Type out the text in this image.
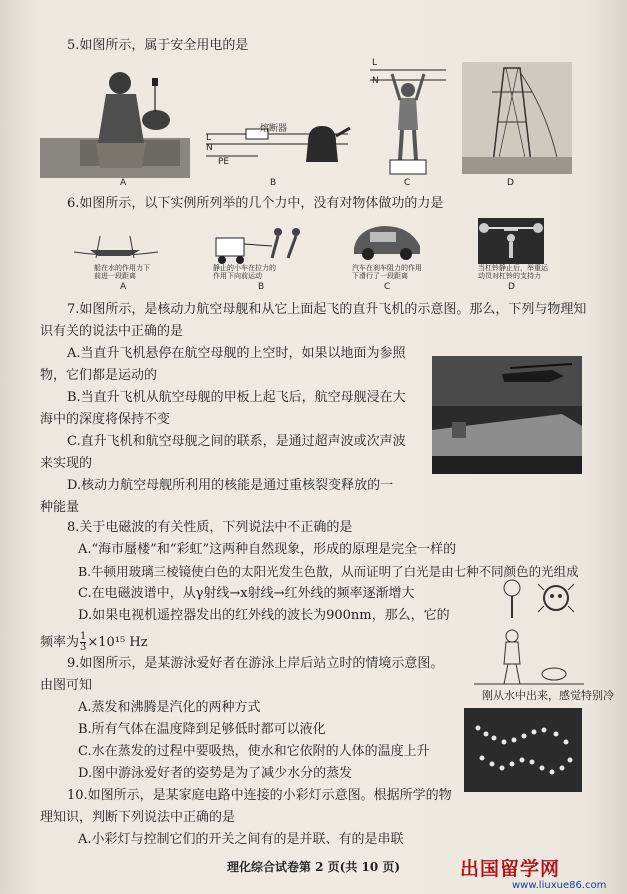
5.如图所示，属于安全用电的是
A
L
N
PE
熔断器
B
L
N
C	D
6.如图所示，以下实例所列举的几个力中，没有对物体做功的力是
船在水的作用力下前进一段距离
A
静止的小车在拉力的作用下向前运动
B
汽车在刹车阻力的作用下滑行了一段距离
C
当杠铃静止后，举重运动员对杠铃的支持力
D
7.如图所示，是核动力航空母舰和从它上面起飞的直升飞机的示意图。那么，下列与物理知
识有关的说法中正确的是
A.当直升飞机悬停在航空母舰的上空时，如果以地面为参照
物，它们都是运动的
B.当直升飞机从航空母舰的甲板上起飞后，航空母舰浸在大
海中的深度将保持不变
C.直升飞机和航空母舰之间的联系，是通过超声波或次声波
来实现的
D.核动力航空母舰所利用的核能是通过重核裂变释放的一
种能量
8.关于电磁波的有关性质，下列说法中不正确的是
A.“海市蜃楼”和“彩虹”这两种自然现象，形成的原理是完全一样的
B.牛顿用玻璃三棱镜使白色的太阳光发生色散，从而证明了白光是由七种不同颜色的光组成
C.在电磁波谱中，从γ射线→x射线→红外线的频率逐渐增大
D.如果电视机遥控器发出的红外线的波长为900nm，那么，它的
频率为 $\frac{1}{3} \times 10^{15}$ Hz
9.如图所示，是某游泳爱好者在游泳上岸后站立时的情境示意图。
由图可知
A.蒸发和沸腾是汽化的两种方式
B.所有气体在温度降到足够低时都可以液化
C.水在蒸发的过程中要吸热，使水和它依附的人体的温度上升
D.图中游泳爱好者的姿势是为了减少水分的蒸发
刚从水中出来，感觉特别冷
10.如图所示，是某家庭电路中连接的小彩灯示意图。根据所学的物
理知识，判断下列说法中正确的是
A.小彩灯与控制它们的开关之间有的是并联、有的是串联
理化综合试卷第 2 页(共 10 页)	出国留学网
www.liuxue86.com
